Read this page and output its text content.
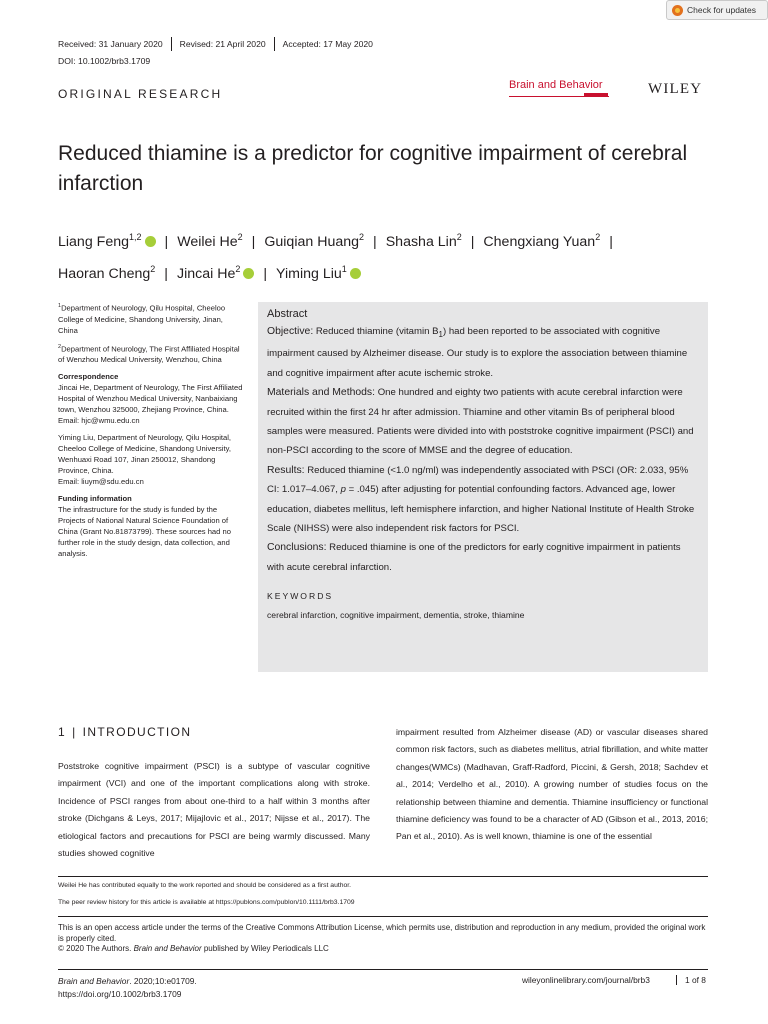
Check for updates
Received: 31 January 2020	Revised: 21 April 2020	Accepted: 17 May 2020
DOI: 10.1002/brb3.1709
ORIGINAL RESEARCH
Brain and Behavior	WILEY
Reduced thiamine is a predictor for cognitive impairment of cerebral infarction
Liang Feng$^{1,2}$ | Weilei He$^2$ | Guiqian Huang$^2$ | Shasha Lin$^2$ | Chengxiang Yuan$^2$ |
Haoran Cheng$^2$ | Jincai He$^2$ | Yiming Liu$^1$

$^1$Department of Neurology, Qilu Hospital, Cheeloo College of Medicine, Shandong University, Jinan, China

$^2$Department of Neurology, The First Affiliated Hospital of Wenzhou Medical University, Wenzhou, China

Correspondence

Jincai He, Department of Neurology, The First Affiliated Hospital of Wenzhou Medical University, Nanbaixiang town, Wenzhou 325000, Zhejiang Province, China.
Email: hjc@wmu.edu.cn

Yiming Liu, Department of Neurology, Qilu Hospital, Cheeloo College of Medicine, Shandong University, Wenhuaxi Road 107, Jinan 250012, Shandong Province, China.
Email: liuym@sdu.edu.cn

Funding information

The infrastructure for the study is funded by the Projects of National Natural Science Foundation of China (Grant No.81873799). These sources had no further role in the study design, data collection, and analysis.

Abstract

Objective: Reduced thiamine (vitamin $B_1$) had been reported to be associated with cognitive impairment caused by Alzheimer disease. Our study is to explore the association between thiamine and cognitive impairment after acute ischemic stroke.

Materials and Methods: One hundred and eighty two patients with acute cerebral infarction were recruited within the first 24 hr after admission. Thiamine and other vitamin Bs of peripheral blood samples were measured. Patients were divided into with poststroke cognitive impairment (PSCI) and non-PSCI according to the score of MMSE and the degree of education.

Results: Reduced thiamine (<1.0 ng/ml) was independently associated with PSCI (OR: 2.033, 95% CI: 1.017–4.067, p = .045) after adjusting for potential confounding factors. Advanced age, lower education, diabetes mellitus, left hemisphere infarction, and higher National Institute of Health Stroke Scale (NIHSS) were also independent risk factors for PSCI.

Conclusions: Reduced thiamine is one of the predictors for early cognitive impairment in patients with acute cerebral infarction.

KEYWORDS
cerebral infarction, cognitive impairment, dementia, stroke, thiamine
1 | INTRODUCTION
Poststroke cognitive impairment (PSCI) is a subtype of vascular cognitive impairment (VCI) and one of the important complications along with stroke. Incidence of PSCI ranges from about one-third to a half within 3 months after stroke (Dichgans & Leys, 2017; Mijajlovic et al., 2017; Nijsse et al., 2017). The etiological factors and precautions for PSCI are being warmly discussed. Many studies showed cognitive
impairment resulted from Alzheimer disease (AD) or vascular diseases shared common risk factors, such as diabetes mellitus, atrial fibrillation, and white matter changes(WMCs) (Madhavan, Graff-Radford, Piccini, & Gersh, 2018; Sachdev et al., 2014; Verdelho et al., 2010). A growing number of studies focus on the relationship between thiamine and dementia. Thiamine insufficiency or functional thiamine deficiency was found to be a character of AD (Gibson et al., 2013, 2016; Pan et al., 2010). As is well known, thiamine is one of the essential
Weilei He has contributed equally to the work reported and should be considered as a first author.
The peer review history for this article is available at https://publons.com/publon/10.1111/brb3.1709
This is an open access article under the terms of the Creative Commons Attribution License, which permits use, distribution and reproduction in any medium, provided the original work is properly cited.
© 2020 The Authors. Brain and Behavior published by Wiley Periodicals LLC
Brain and Behavior. 2020;10:e01709.
https://doi.org/10.1002/brb3.1709
wileyonlinelibrary.com/journal/brb3	1 of 8
